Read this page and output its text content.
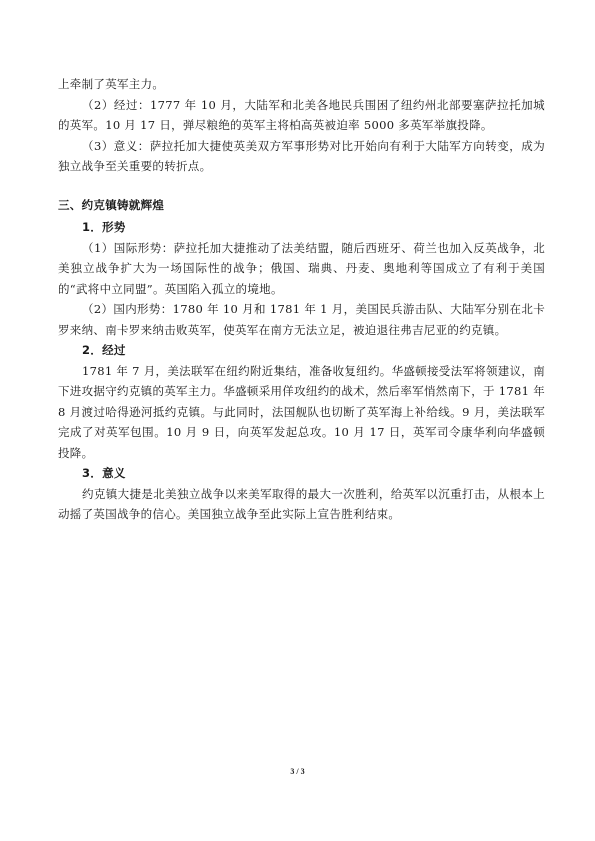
上牵制了英军主力。

（2）经过：1777 年 10 月，大陆军和北美各地民兵围困了纽约州北部要塞萨拉托加城的英军。10 月 17 日，弹尽粮绝的英军主将柏高英被迫率 5000 多英军举旗投降。

（3）意义：萨拉托加大捷使英美双方军事形势对比开始向有利于大陆军方向转变，成为独立战争至关重要的转折点。

三、约克镇铸就辉煌
1．形势

（1）国际形势：萨拉托加大捷推动了法美结盟，随后西班牙、荷兰也加入反英战争，北美独立战争扩大为一场国际性的战争；俄国、瑞典、丹麦、奥地利等国成立了有利于美国的“武将中立同盟”。英国陷入孤立的境地。

（2）国内形势：1780 年 10 月和 1781 年 1 月，美国民兵游击队、大陆军分别在北卡罗来纳、南卡罗来纳击败英军，使英军在南方无法立足，被迫退往弗吉尼亚的约克镇。

2．经过

1781 年 7 月，美法联军在纽约附近集结，准备收复纽约。华盛顿接受法军将领建议，南下进攻据守约克镇的英军主力。华盛顿采用佯攻纽约的战术，然后率军悄然南下，于 1781 年 8 月渡过哈得逊河抵约克镇。与此同时，法国舰队也切断了英军海上补给线。9 月，美法联军完成了对英军包围。10 月 9 日，向英军发起总攻。10 月 17 日，英军司令康华利向华盛顿投降。

3．意义

约克镇大捷是北美独立战争以来美军取得的最大一次胜利，给英军以沉重打击，从根本上动摇了英国战争的信心。美国独立战争至此实际上宣告胜利结束。

3 / 3
